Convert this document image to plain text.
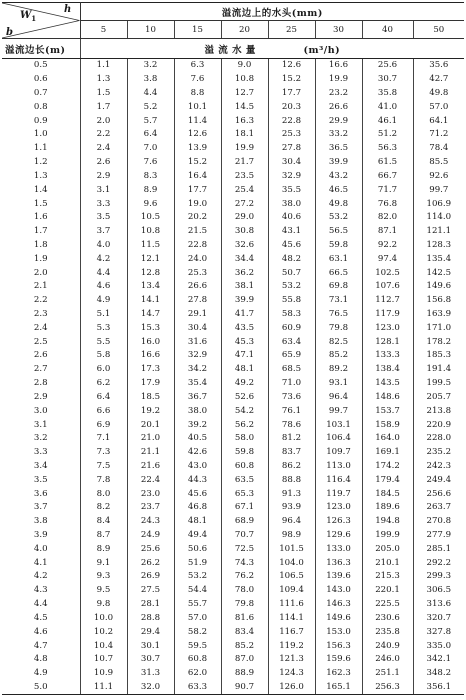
h
$W_1$
b	溢流边上的水头(mm)							
	5	10	15	20	25	30	40	50
溢流边长(m)	溢 流 水 量 (m³/h)							
0.5	1.1	3.2	6.3	9.0	12.6	16.6	25.6	35.6
0.6	1.3	3.8	7.6	10.8	15.2	19.9	30.7	42.7
0.7	1.5	4.4	8.8	12.7	17.7	23.2	35.8	49.8
0.8	1.7	5.2	10.1	14.5	20.3	26.6	41.0	57.0
0.9	2.0	5.7	11.4	16.3	22.8	29.9	46.1	64.1
1.0	2.2	6.4	12.6	18.1	25.3	33.2	51.2	71.2
1.1	2.4	7.0	13.9	19.9	27.8	36.5	56.3	78.4
1.2	2.6	7.6	15.2	21.7	30.4	39.9	61.5	85.5
1.3	2.9	8.3	16.4	23.5	32.9	43.2	66.7	92.6
1.4	3.1	8.9	17.7	25.4	35.5	46.5	71.7	99.7
1.5	3.3	9.6	19.0	27.2	38.0	49.8	76.8	106.9
1.6	3.5	10.5	20.2	29.0	40.6	53.2	82.0	114.0
1.7	3.7	10.8	21.5	30.8	43.1	56.5	87.1	121.1
1.8	4.0	11.5	22.8	32.6	45.6	59.8	92.2	128.3
1.9	4.2	12.1	24.0	34.4	48.2	63.1	97.4	135.4
2.0	4.4	12.8	25.3	36.2	50.7	66.5	102.5	142.5
2.1	4.6	13.4	26.6	38.1	53.2	69.8	107.6	149.6
2.2	4.9	14.1	27.8	39.9	55.8	73.1	112.7	156.8
2.3	5.1	14.7	29.1	41.7	58.3	76.5	117.9	163.9
2.4	5.3	15.3	30.4	43.5	60.9	79.8	123.0	171.0
2.5	5.5	16.0	31.6	45.3	63.4	82.5	128.1	178.2
2.6	5.8	16.6	32.9	47.1	65.9	85.2	133.3	185.3
2.7	6.0	17.3	34.2	48.1	68.5	89.2	138.4	191.4
2.8	6.2	17.9	35.4	49.2	71.0	93.1	143.5	199.5
2.9	6.4	18.5	36.7	52.6	73.6	96.4	148.6	205.7
3.0	6.6	19.2	38.0	54.2	76.1	99.7	153.7	213.8
3.1	6.9	20.1	39.2	56.2	78.6	103.1	158.9	220.9
3.2	7.1	21.0	40.5	58.0	81.2	106.4	164.0	228.0
3.3	7.3	21.1	42.6	59.8	83.7	109.7	169.1	235.2
3.4	7.5	21.6	43.0	60.8	86.2	113.0	174.2	242.3
3.5	7.8	22.4	44.3	63.5	88.8	116.4	179.4	249.4
3.6	8.0	23.0	45.6	65.3	91.3	119.7	184.5	256.6
3.7	8.2	23.7	46.8	67.1	93.9	123.0	189.6	263.7
3.8	8.4	24.3	48.1	68.9	96.4	126.3	194.8	270.8
3.9	8.7	24.9	49.4	70.7	98.9	129.6	199.9	277.9
4.0	8.9	25.6	50.6	72.5	101.5	133.0	205.0	285.1
4.1	9.1	26.2	51.9	74.3	104.0	136.3	210.1	292.2
4.2	9.3	26.9	53.2	76.2	106.5	139.6	215.3	299.3
4.3	9.5	27.5	54.4	78.0	109.4	143.0	220.1	306.5
4.4	9.8	28.1	55.7	79.8	111.6	146.3	225.5	313.6
4.5	10.0	28.8	57.0	81.6	114.1	149.6	230.6	320.7
4.6	10.2	29.4	58.2	83.4	116.7	153.0	235.8	327.8
4.7	10.4	30.1	59.5	85.2	119.2	156.3	240.9	335.0
4.8	10.7	30.7	60.8	87.0	121.3	159.6	246.0	342.1
4.9	10.9	31.3	62.0	88.9	124.3	162.3	251.1	348.2
5.0	11.1	32.0	63.3	90.7	126.0	165.1	256.3	356.1
